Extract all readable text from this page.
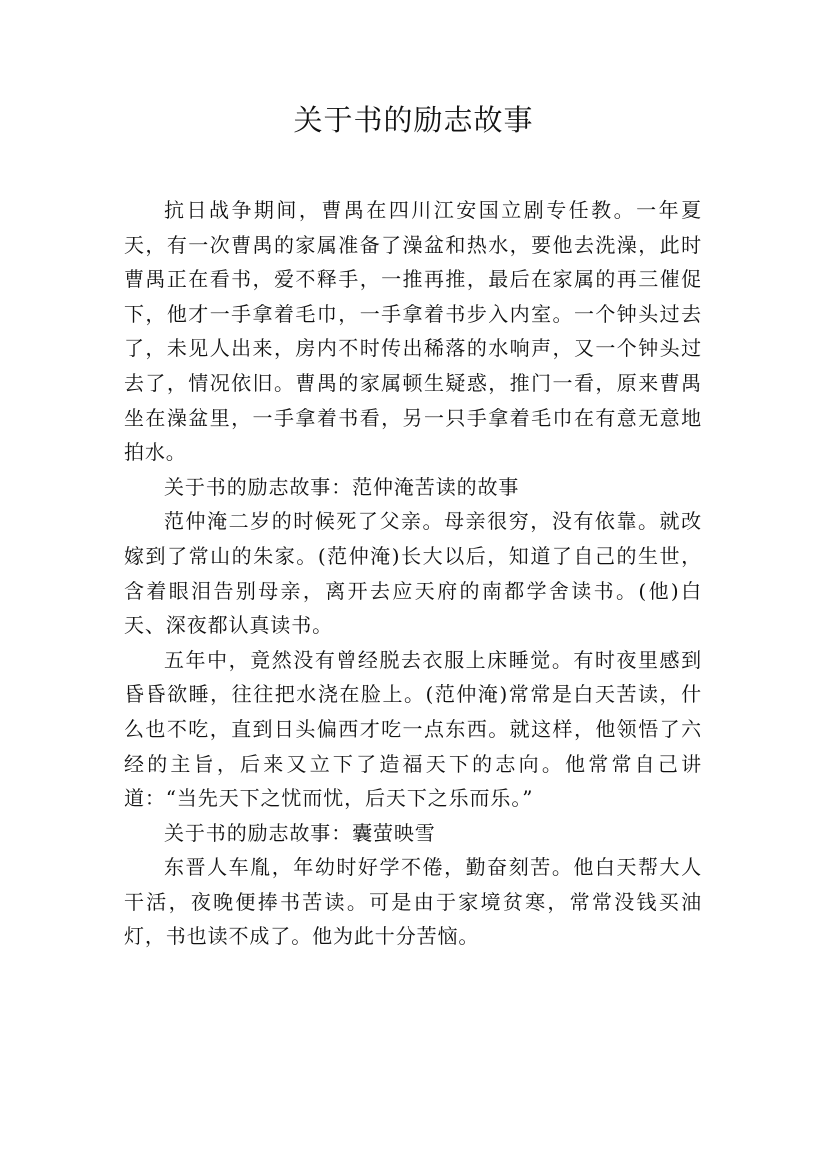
关于书的励志故事

抗日战争期间，曹禺在四川江安国立剧专任教。一年夏天，有一次曹禺的家属准备了澡盆和热水，要他去洗澡，此时曹禺正在看书，爱不释手，一推再推，最后在家属的再三催促下，他才一手拿着毛巾，一手拿着书步入内室。一个钟头过去了，未见人出来，房内不时传出稀落的水响声，又一个钟头过去了，情况依旧。曹禺的家属顿生疑惑，推门一看，原来曹禺坐在澡盆里，一手拿着书看，另一只手拿着毛巾在有意无意地拍水。

关于书的励志故事：范仲淹苦读的故事

范仲淹二岁的时候死了父亲。母亲很穷，没有依靠。就改嫁到了常山的朱家。(范仲淹)长大以后，知道了自己的生世，含着眼泪告别母亲，离开去应天府的南都学舍读书。(他)白天、深夜都认真读书。

五年中，竟然没有曾经脱去衣服上床睡觉。有时夜里感到昏昏欲睡，往往把水浇在脸上。(范仲淹)常常是白天苦读，什么也不吃，直到日头偏西才吃一点东西。就这样，他领悟了六经的主旨，后来又立下了造福天下的志向。他常常自己讲道：“当先天下之忧而忧，后天下之乐而乐。”

关于书的励志故事：囊萤映雪

东晋人车胤，年幼时好学不倦，勤奋刻苦。他白天帮大人干活，夜晚便捧书苦读。可是由于家境贫寒，常常没钱买油灯，书也读不成了。他为此十分苦恼。
